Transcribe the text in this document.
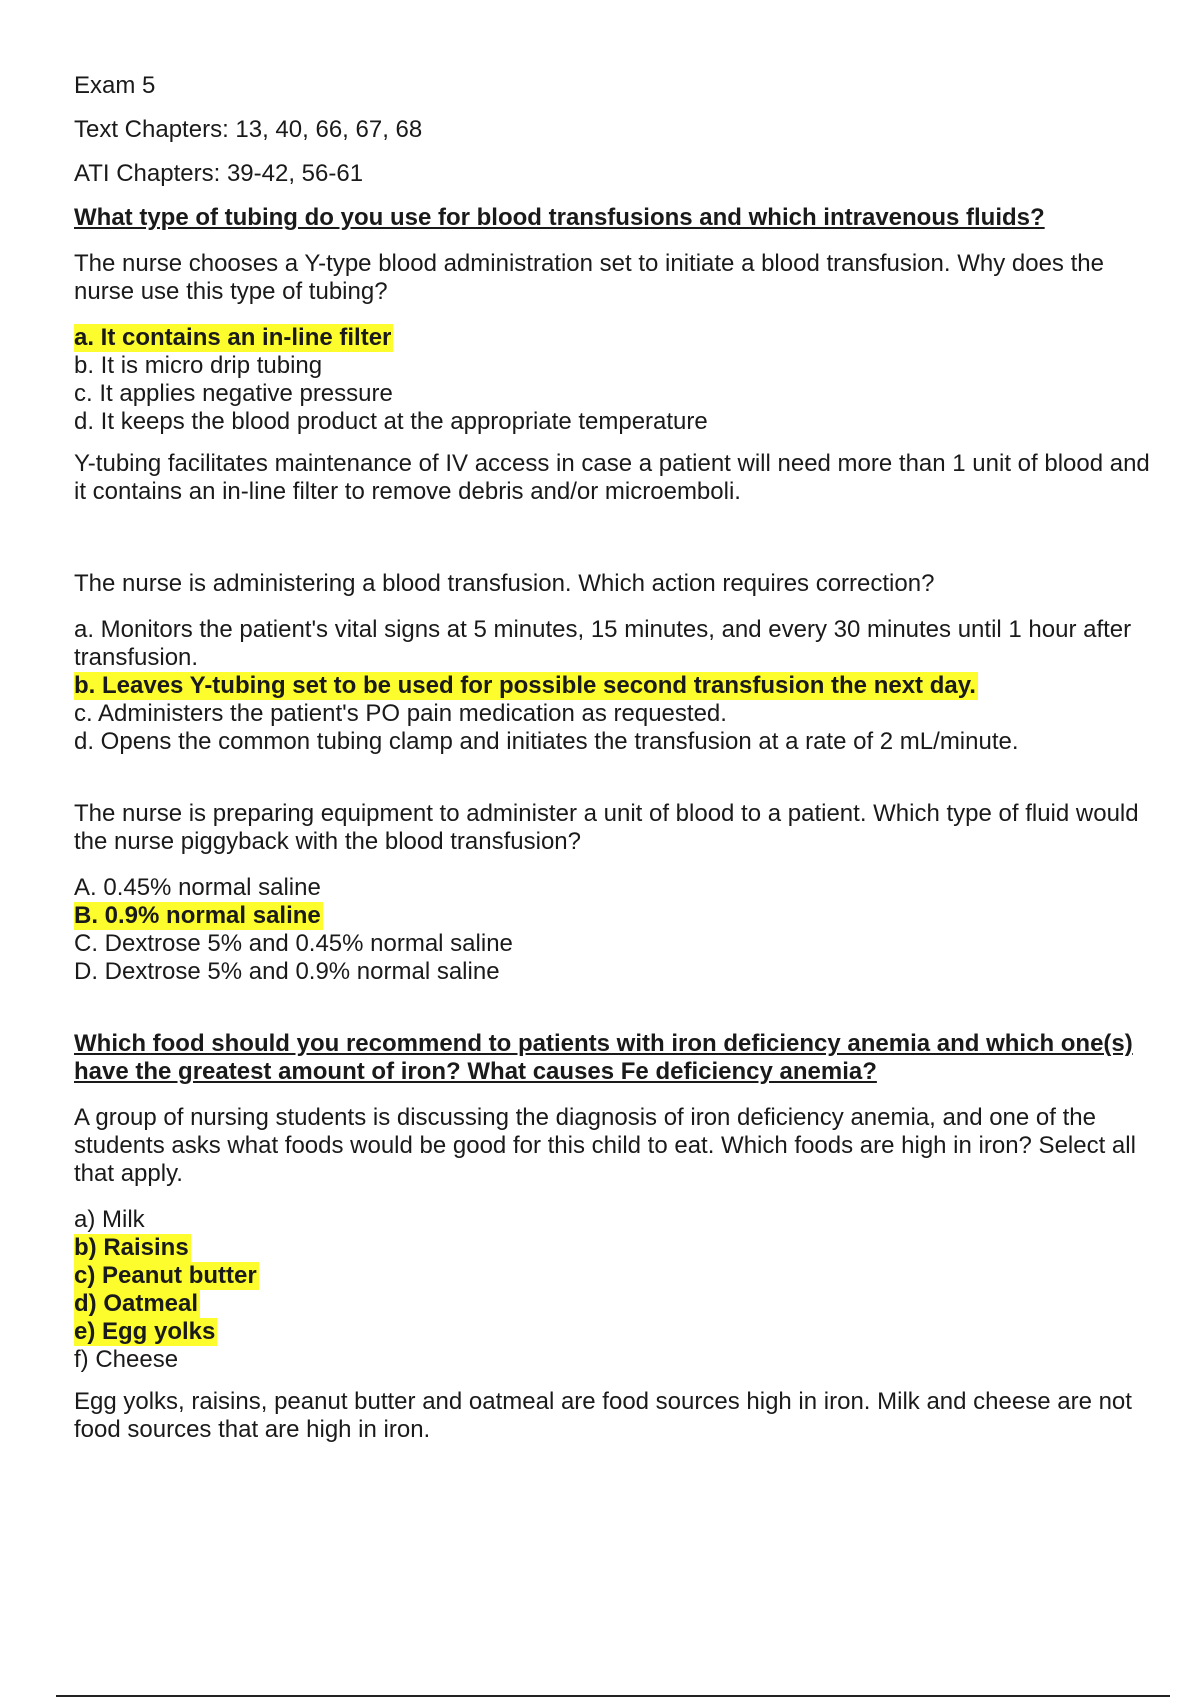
Exam 5
Text Chapters: 13, 40, 66, 67, 68
ATI Chapters: 39-42, 56-61
What type of tubing do you use for blood transfusions and which intravenous fluids?
The nurse chooses a Y-type blood administration set to initiate a blood transfusion. Why does the nurse use this type of tubing?
a. It contains an in-line filter
b. It is micro drip tubing
c. It applies negative pressure
d. It keeps the blood product at the appropriate temperature
Y-tubing facilitates maintenance of IV access in case a patient will need more than 1 unit of blood and it contains an in-line filter to remove debris and/or microemboli.
The nurse is administering a blood transfusion. Which action requires correction?
a. Monitors the patient's vital signs at 5 minutes, 15 minutes, and every 30 minutes until 1 hour after transfusion.
b. Leaves Y-tubing set to be used for possible second transfusion the next day.
c. Administers the patient's PO pain medication as requested.
d. Opens the common tubing clamp and initiates the transfusion at a rate of 2 mL/minute.
The nurse is preparing equipment to administer a unit of blood to a patient. Which type of fluid would the nurse piggyback with the blood transfusion?
A. 0.45% normal saline
B. 0.9% normal saline
C. Dextrose 5% and 0.45% normal saline
D. Dextrose 5% and 0.9% normal saline
Which food should you recommend to patients with iron deficiency anemia and which one(s) have the greatest amount of iron? What causes Fe deficiency anemia?
A group of nursing students is discussing the diagnosis of iron deficiency anemia, and one of the students asks what foods would be good for this child to eat. Which foods are high in iron? Select all that apply.
a) Milk
b) Raisins
c) Peanut butter
d) Oatmeal
e) Egg yolks
f) Cheese
Egg yolks, raisins, peanut butter and oatmeal are food sources high in iron. Milk and cheese are not food sources that are high in iron.
